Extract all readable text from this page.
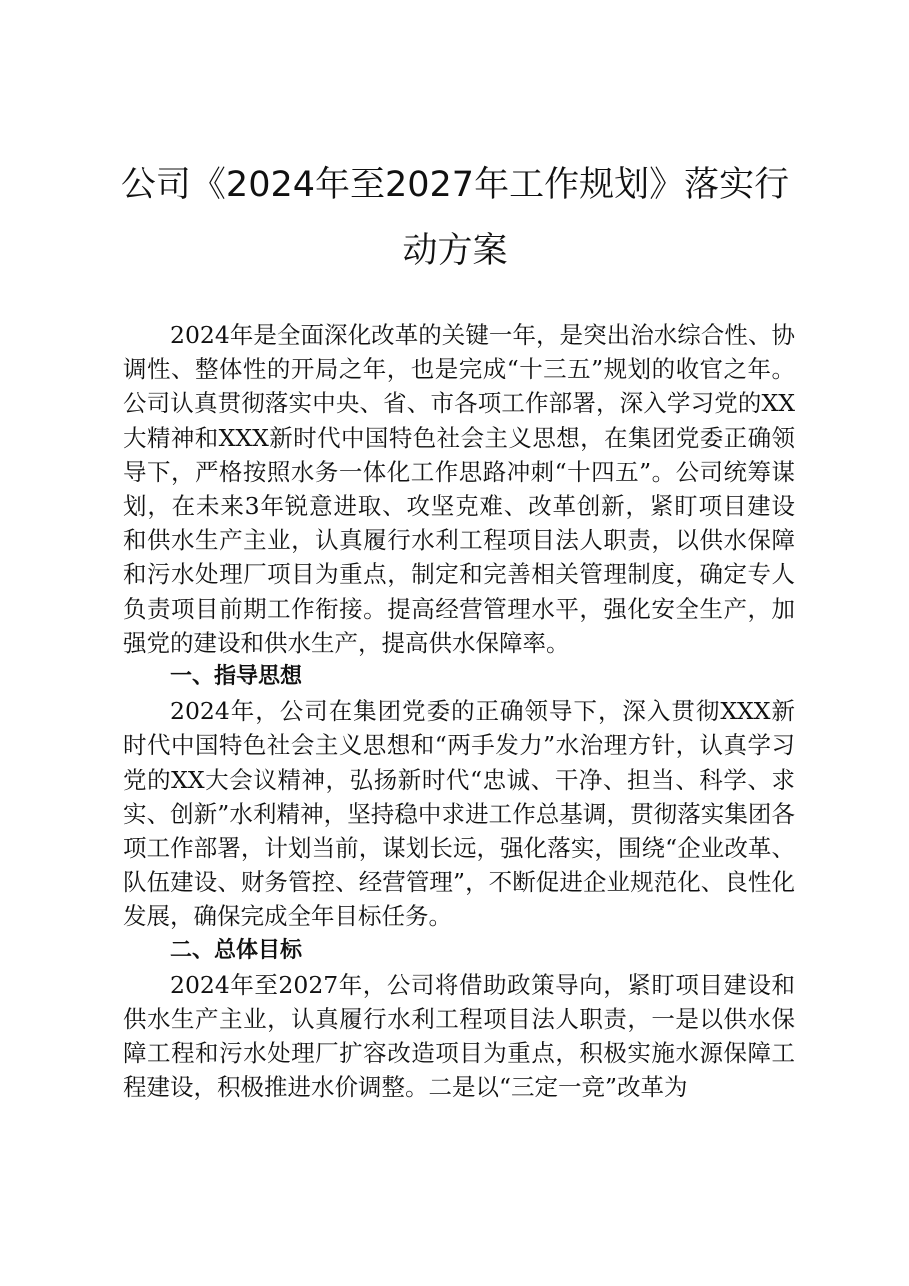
公司《2024年至2027年工作规划》落实行动方案

2024年是全面深化改革的关键一年，是突出治水综合性、协调性、整体性的开局之年，也是完成“十三五”规划的收官之年。公司认真贯彻落实中央、省、市各项工作部署，深入学习党的XX大精神和XXX新时代中国特色社会主义思想，在集团党委正确领导下，严格按照水务一体化工作思路冲刺“十四五”。公司统筹谋划，在未来3年锐意进取、攻坚克难、改革创新，紧盯项目建设和供水生产主业，认真履行水利工程项目法人职责，以供水保障和污水处理厂项目为重点，制定和完善相关管理制度，确定专人负责项目前期工作衔接。提高经营管理水平，强化安全生产，加强党的建设和供水生产，提高供水保障率。

一、指导思想

2024年，公司在集团党委的正确领导下，深入贯彻XXX新时代中国特色社会主义思想和“两手发力”水治理方针，认真学习党的XX大会议精神，弘扬新时代“忠诚、干净、担当、科学、求实、创新”水利精神，坚持稳中求进工作总基调，贯彻落实集团各项工作部署，计划当前，谋划长远，强化落实，围绕“企业改革、队伍建设、财务管控、经营管理”，不断促进企业规范化、良性化发展，确保完成全年目标任务。

二、总体目标

2024年至2027年，公司将借助政策导向，紧盯项目建设和供水生产主业，认真履行水利工程项目法人职责，一是以供水保障工程和污水处理厂扩容改造项目为重点，积极实施水源保障工程建设，积极推进水价调整。二是以“三定一竞”改革为
